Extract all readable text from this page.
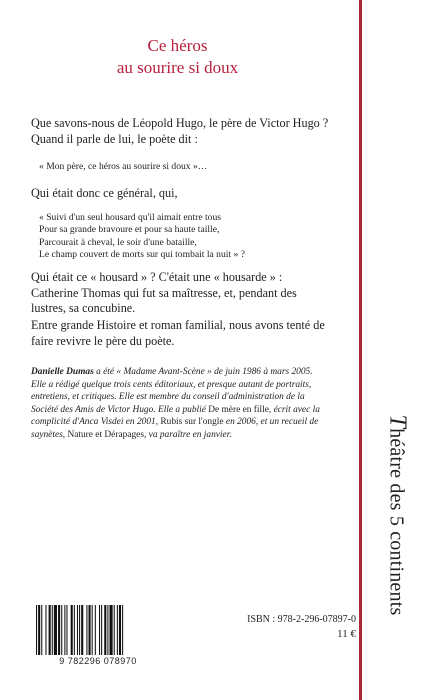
Ce héros
au sourire si doux
Que savons-nous de Léopold Hugo, le père de Victor Hugo ? Quand il parle de lui, le poète dit :
« Mon père, ce héros au sourire si doux »…
Qui était donc ce général, qui,
« Suivi d'un seul housard qu'il aimait entre tous
Pour sa grande bravoure et pour sa haute taille,
Parcourait à cheval, le soir d'une bataille,
Le champ couvert de morts sur qui tombait la nuit » ?
Qui était ce « housard » ? C'était une « housarde » : Catherine Thomas qui fut sa maîtresse, et, pendant des lustres, sa concubine.
Entre grande Histoire et roman familial, nous avons tenté de faire revivre le père du poète.
Danielle Dumas a été « Madame Avant-Scène » de juin 1986 à mars 2005. Elle a rédigé quelque trois cents éditoriaux, et presque autant de portraits, entretiens, et critiques. Elle est membre du conseil d'administration de la Société des Amis de Victor Hugo. Elle a publié De mère en fille, écrit avec la complicité d'Anca Visdei en 2001, Rubis sur l'ongle en 2006, et un recueil de saynètes, Nature et Dérapages, va paraître en janvier.
9 782296 078970
ISBN : 978-2-296-07897-0
11 €
Théâtre des 5 continents
